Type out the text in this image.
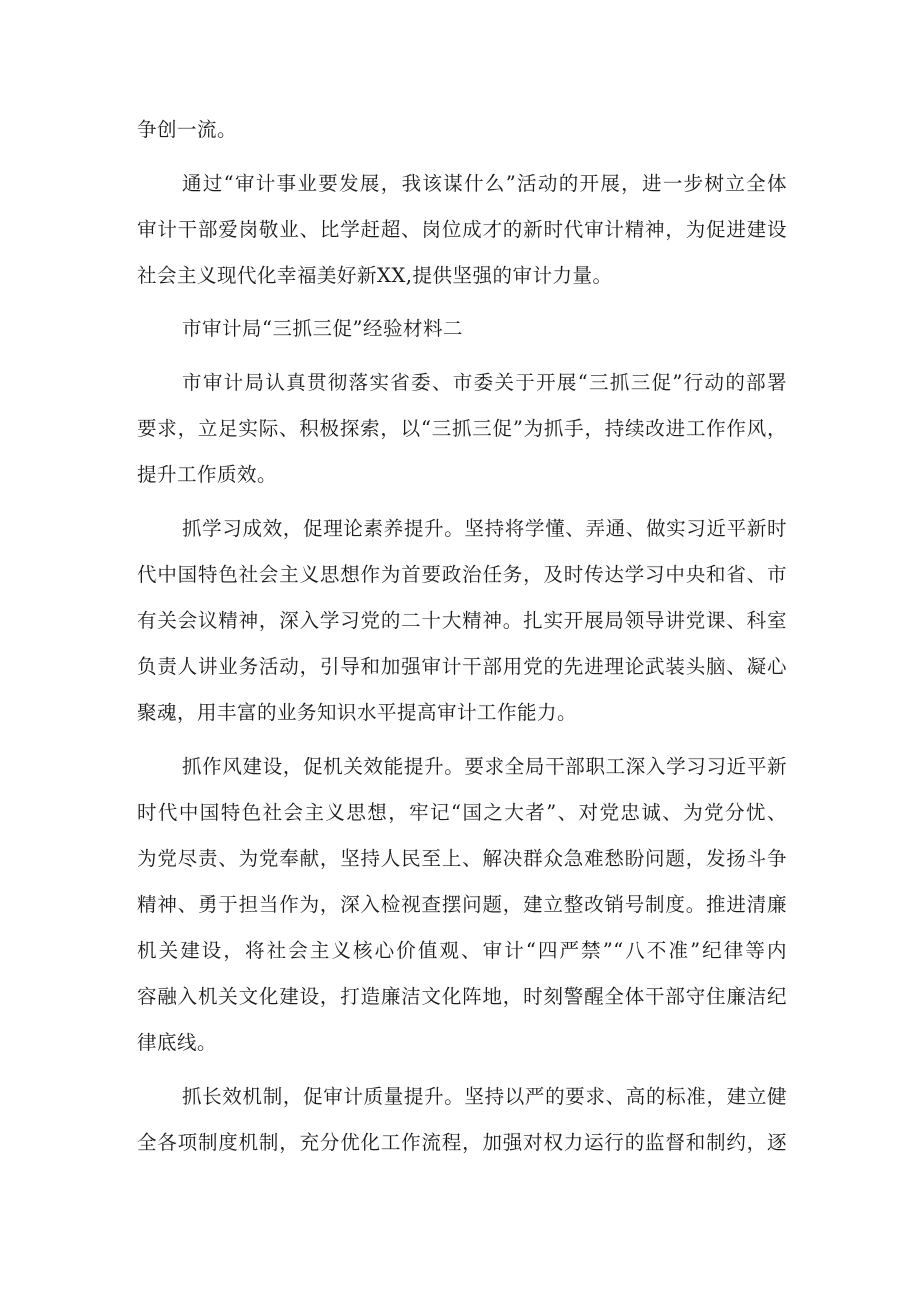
争创一流。
通过“审计事业要发展，我该谋什么”活动的开展，进一步树立全体
审计干部爱岗敬业、比学赶超、岗位成才的新时代审计精神，为促进建设
社会主义现代化幸福美好新XX,提供坚强的审计力量。
市审计局“三抓三促”经验材料二
市审计局认真贯彻落实省委、市委关于开展“三抓三促”行动的部署
要求，立足实际、积极探索，以“三抓三促”为抓手，持续改进工作作风，
提升工作质效。
抓学习成效，促理论素养提升。坚持将学懂、弄通、做实习近平新时
代中国特色社会主义思想作为首要政治任务，及时传达学习中央和省、市
有关会议精神，深入学习党的二十大精神。扎实开展局领导讲党课、科室
负责人讲业务活动，引导和加强审计干部用党的先进理论武装头脑、凝心
聚魂，用丰富的业务知识水平提高审计工作能力。
抓作风建设，促机关效能提升。要求全局干部职工深入学习习近平新
时代中国特色社会主义思想，牢记“国之大者”、对党忠诚、为党分忧、
为党尽责、为党奉献，坚持人民至上、解决群众急难愁盼问题，发扬斗争
精神、勇于担当作为，深入检视查摆问题，建立整改销号制度。推进清廉
机关建设，将社会主义核心价值观、审计“四严禁”“八不准”纪律等内
容融入机关文化建设，打造廉洁文化阵地，时刻警醒全体干部守住廉洁纪
律底线。
抓长效机制，促审计质量提升。坚持以严的要求、高的标准，建立健
全各项制度机制，充分优化工作流程，加强对权力运行的监督和制约，逐
